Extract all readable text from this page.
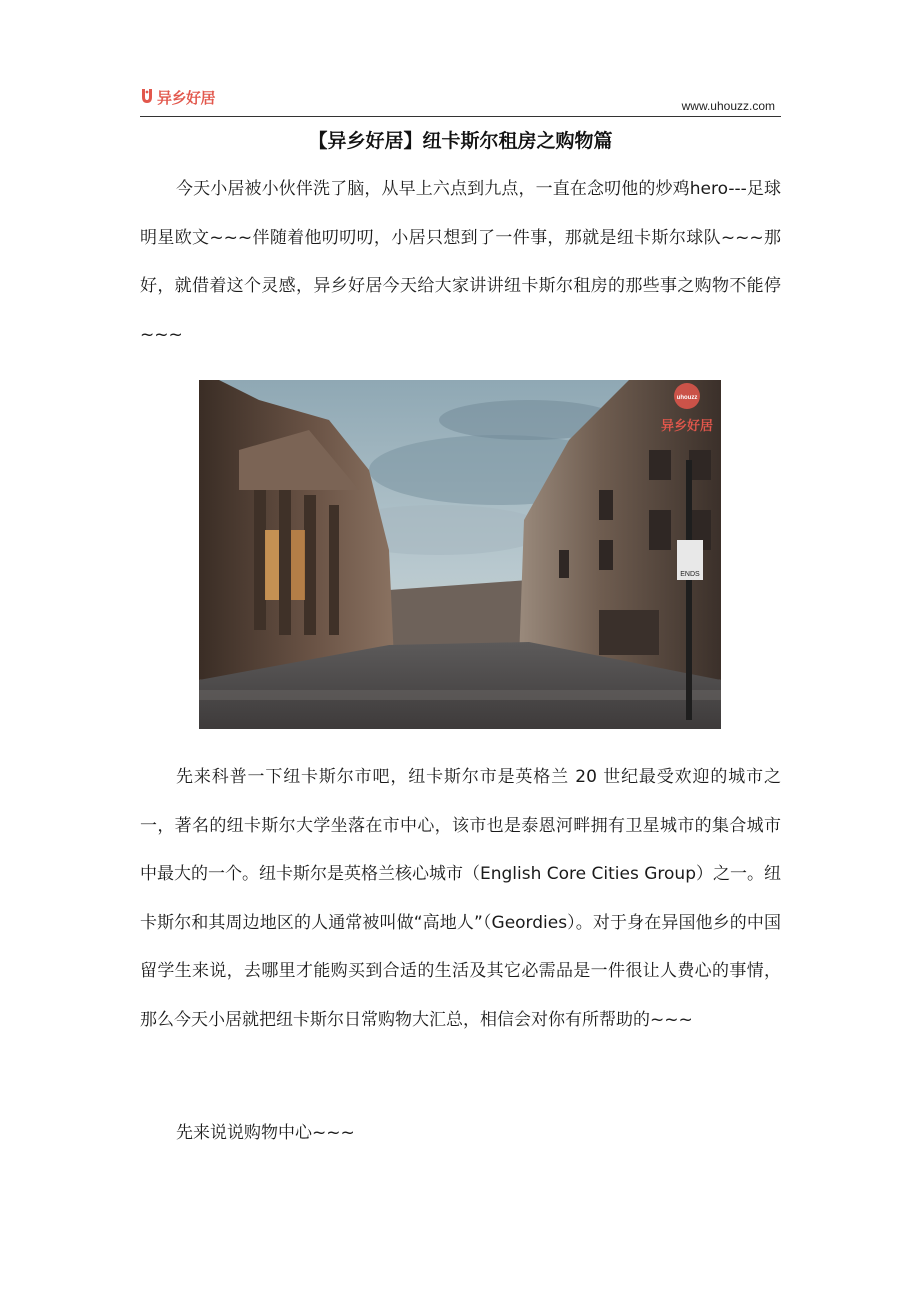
异乡好居	www.uhouzz.com
【异乡好居】纽卡斯尔租房之购物篇

今天小居被小伙伴洗了脑，从早上六点到九点，一直在念叨他的炒鸡hero---足球明星欧文~~~伴随着他叨叨叨，小居只想到了一件事，那就是纽卡斯尔球队~~~那好，就借着这个灵感，异乡好居今天给大家讲讲纽卡斯尔租房的那些事之购物不能停~~~

ENDS
uhouzz
异乡好居

先来科普一下纽卡斯尔市吧，纽卡斯尔市是英格兰 20 世纪最受欢迎的城市之一，著名的纽卡斯尔大学坐落在市中心，该市也是泰恩河畔拥有卫星城市的集合城市中最大的一个。纽卡斯尔是英格兰核心城市（English Core Cities Group）之一。纽卡斯尔和其周边地区的人通常被叫做“高地人”（Geordies）。对于身在异国他乡的中国留学生来说，去哪里才能购买到合适的生活及其它必需品是一件很让人费心的事情，那么今天小居就把纽卡斯尔日常购物大汇总，相信会对你有所帮助的~~~

先来说说购物中心~~~
